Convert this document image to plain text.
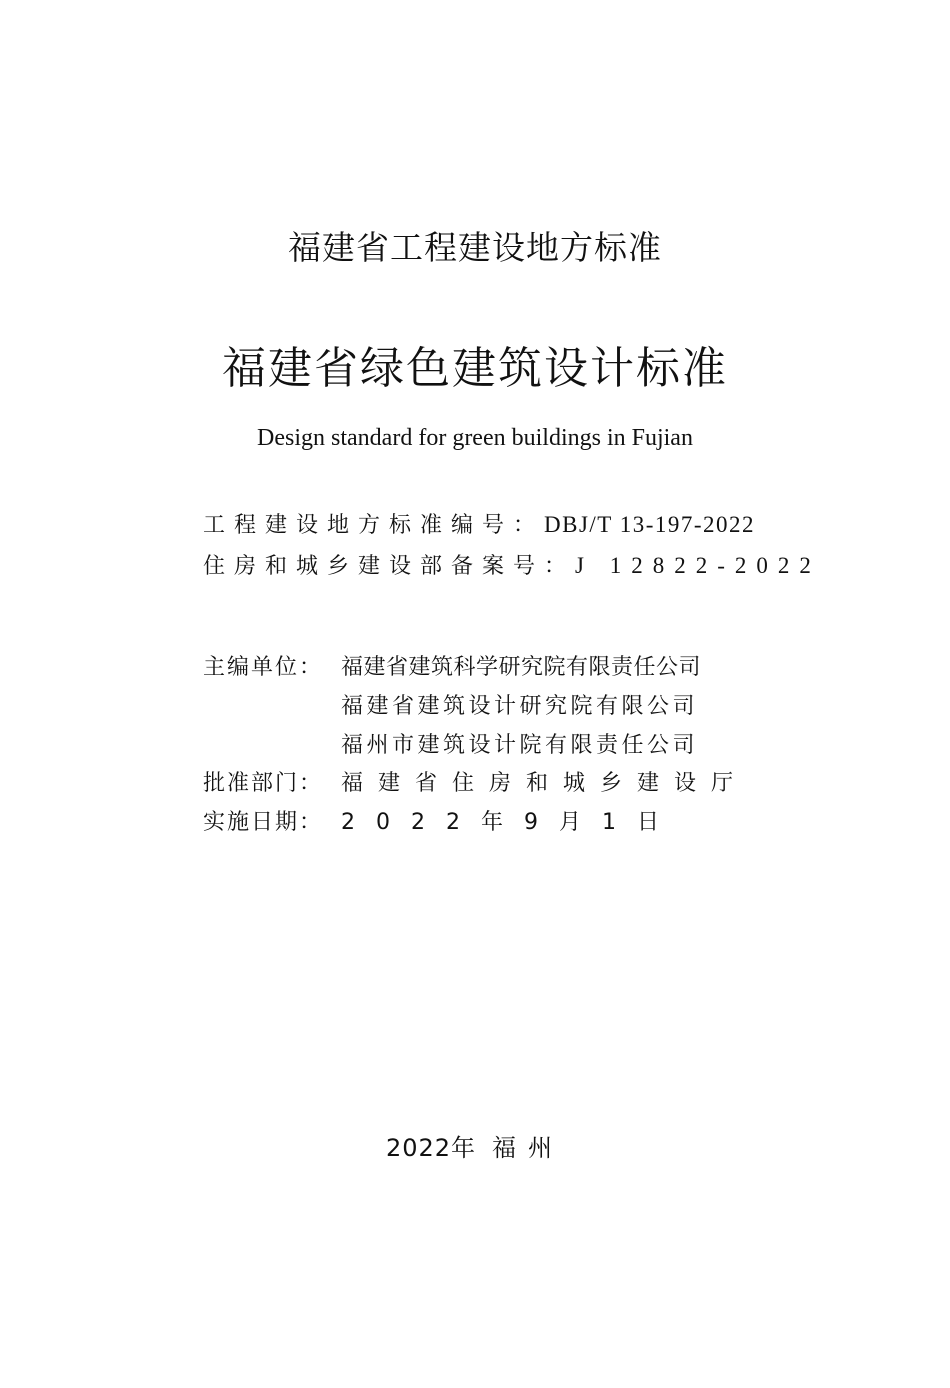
福建省工程建设地方标准
福建省绿色建筑设计标准
Design standard for green buildings in Fujian
工程建设地方标准编号：DBJ/T 13-197-2022
住房和城乡建设部备案号：J 12822-2022
主编单位： 福建省建筑科学研究院有限责任公司
福建省建筑设计研究院有限公司
福州市建筑设计院有限责任公司
批准部门： 福建省住房和城乡建设厅
实施日期： 2022年9月1日
2022年 福州
